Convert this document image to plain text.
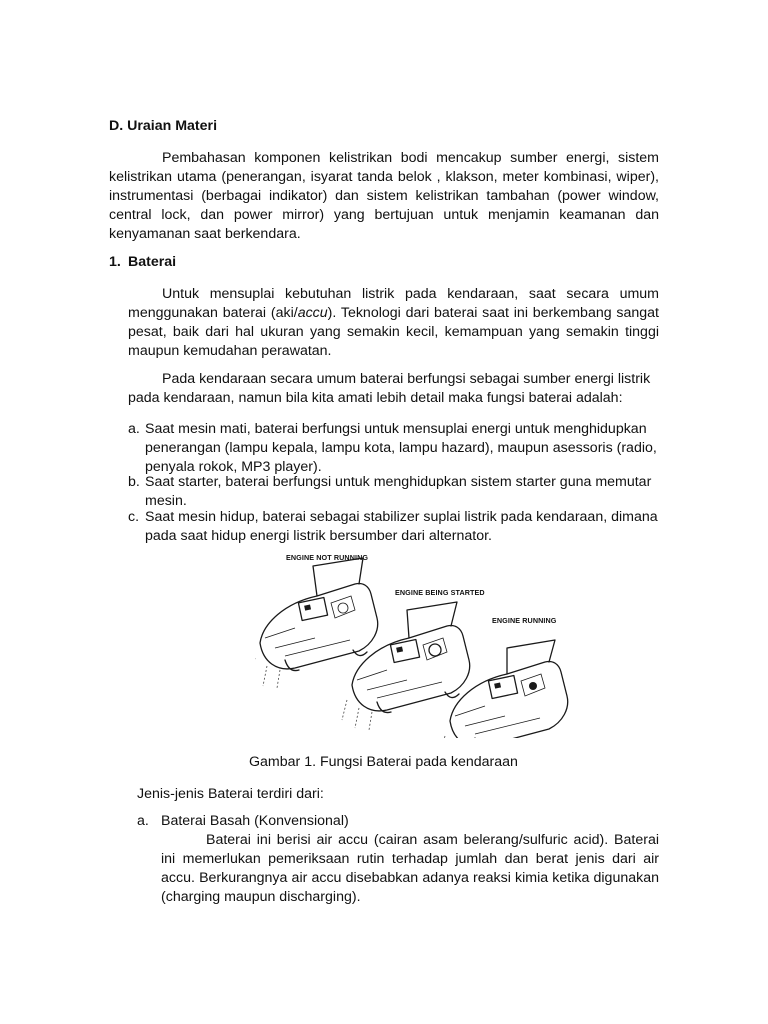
D. Uraian Materi
Pembahasan komponen kelistrikan bodi mencakup sumber energi, sistem kelistrikan utama (penerangan, isyarat tanda belok , klakson, meter kombinasi, wiper), instrumentasi (berbagai indikator) dan sistem kelistrikan tambahan (power window, central lock, dan power mirror) yang bertujuan untuk menjamin keamanan dan kenyamanan saat berkendara.
1. Baterai
Untuk mensuplai kebutuhan listrik pada kendaraan, saat secara umum menggunakan baterai (aki/accu). Teknologi dari baterai saat ini berkembang sangat pesat, baik dari hal ukuran yang semakin kecil, kemampuan yang semakin tinggi maupun kemudahan perawatan.
Pada kendaraan secara umum baterai berfungsi sebagai sumber energi listrik pada kendaraan, namun bila kita amati lebih detail maka fungsi baterai adalah:
a. Saat mesin mati, baterai berfungsi untuk mensuplai energi untuk menghidupkan penerangan (lampu kepala, lampu kota, lampu hazard), maupun asessoris (radio, penyala rokok, MP3 player).
b. Saat starter, baterai berfungsi untuk menghidupkan sistem starter guna memutar mesin.
c. Saat mesin hidup, baterai sebagai stabilizer suplai listrik pada kendaraan, dimana pada saat hidup energi listrik bersumber dari alternator.
ENGINE NOT RUNNING
ENGINE BEING STARTED
ENGINE RUNNING
Gambar 1. Fungsi Baterai pada kendaraan
Jenis-jenis Baterai terdiri dari:
a. Baterai Basah (Konvensional)
Baterai ini berisi air accu (cairan asam belerang/sulfuric acid). Baterai ini memerlukan pemeriksaan rutin terhadap jumlah dan berat jenis dari air accu. Berkurangnya air accu disebabkan adanya reaksi kimia ketika digunakan (charging maupun discharging).
